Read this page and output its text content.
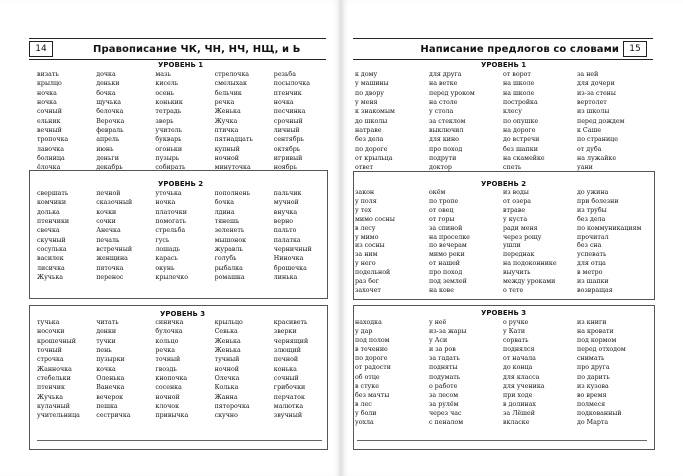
14	Правописание ЧК, ЧН, НЧ, НЩ, и Ь
УРОВЕНЬ 1
визать	дочка	мазь	стрелочка	резьба
крылцо	деньки	кисель	смелыхак	посылочка
ночка	бочка	осень	бельчик	птенчик
ночка	щучька	конькик	речка	ночка
сочный	белочка	тетрадь	Женька	песчинка
ельник	Верочка	зверь	Жучка	срочный
вечный	февраль	учитель	птичка	личный
тропочка	апрель	букварь	пятнадцать	сентябрь
лавочка	июнь	огоньки	купный	октябрь
болница	деньги	пузырь	ночной	игривый
ёлочка	декабрь	собирать	минуточка	ноябрь
УРОВЕНЬ 2
свершать	печной	уточька	пополнень	пальчик
комчики	сказочный	ночка	бочка	мучной
долька	кочки	платочки	лдина	внучка
птенчики	сочки	помогать	тянешь	верно
свечка	Анечка	стрельба	зеленеть	пальто
скучный	печаль	гусь	мышонок	палатка
сосулька	встречный	лошадь	журавль	черничный
василек	женщина	карась	голубь	Ниночка
лисичка	пяточка	окунь	рыбалка	брошечка
Жучька	перенос	крылечко	ромашка	линька
УРОВЕНЬ 3
тучька	читать	синичка	крыльцо	красиветь
носочки	денки	булочка	Севька	зверки
крошечный	тучки	кольцо	Женька	чернящий
точный	пень	речка	Женька	злющий
строчка	пузырки	точный	тучный	печной
Жанночка	кочка	гвоздь	ночной	конька
стебельки	Оленька	кнопочка	Олечка	сочный
птенчик	Ванечка	сосенка	Колька	грибочки
Жучька	вечерок	ночной	Жанна	перчаток
кулачный	пешка	клочок	пятерочка	малютка
учительница	сестричка	привычка	скучно	звучный
Написание предлогов со словами	15
УРОВЕНЬ 1
к дому	для друга	от ворот	за ней
у машины	на ветке	на школе	для дочери
по двору	перед уроком	на школе	из-за стены
у меня	на столе	постройка	вертолет
к знакомым	у стола	клесу	из школы
до школы	за стеклом	по опушке	перед дождем
натраве	выключил	на дороге	к Саше
без дела	для кино	до встречи	по странице
по дороге	про поход	без шапки	от дуба
от крыльца	подрути	на скамейке	на лужайке
ответ	доктор	спеть	уани
УРОВЕНЬ 2
закон	окём	из воды	до ужина
у поля	по тропе	от озера	при болезни
у тех	от овец	втраве	из трубы
мимо сосны	от горы	у куста	без дела
в лесу	за спиной	ради меня	по коммуникациям
у мимо	на проселке	через рощу	прочитал
из сосны	по вечерам	ушли	без сна
за ним	мимо реки	переднак	успевать
у него	от нашей	на подоконнике	для отца
подельной	про поход	выучить	в метро
раз бег	под землей	между уроками	из шапки
захочет	на кове	о тете	возвращая
УРОВЕНЬ 3
находка	у неё	о ручке	из книги
у дар	из-за жары	у Кати	на кровати
под полом	у Аси	сорвать	под кормом
в течение	и за ров	поднялся	перед отходом
по дороге	за гадать	от начала	снимать
от радости	подняты	до конца	про друга
об отце	подумать	для класса	по дарить
в стуке	о работе	для ученика	из кузова
без мачты	за лесом	при ходе	во время
в лес	за рулём	в долинах	полмеся
у боли	через час	за Лёшей	подкованный
уохла	с пеналом	вкласке	до Марта
